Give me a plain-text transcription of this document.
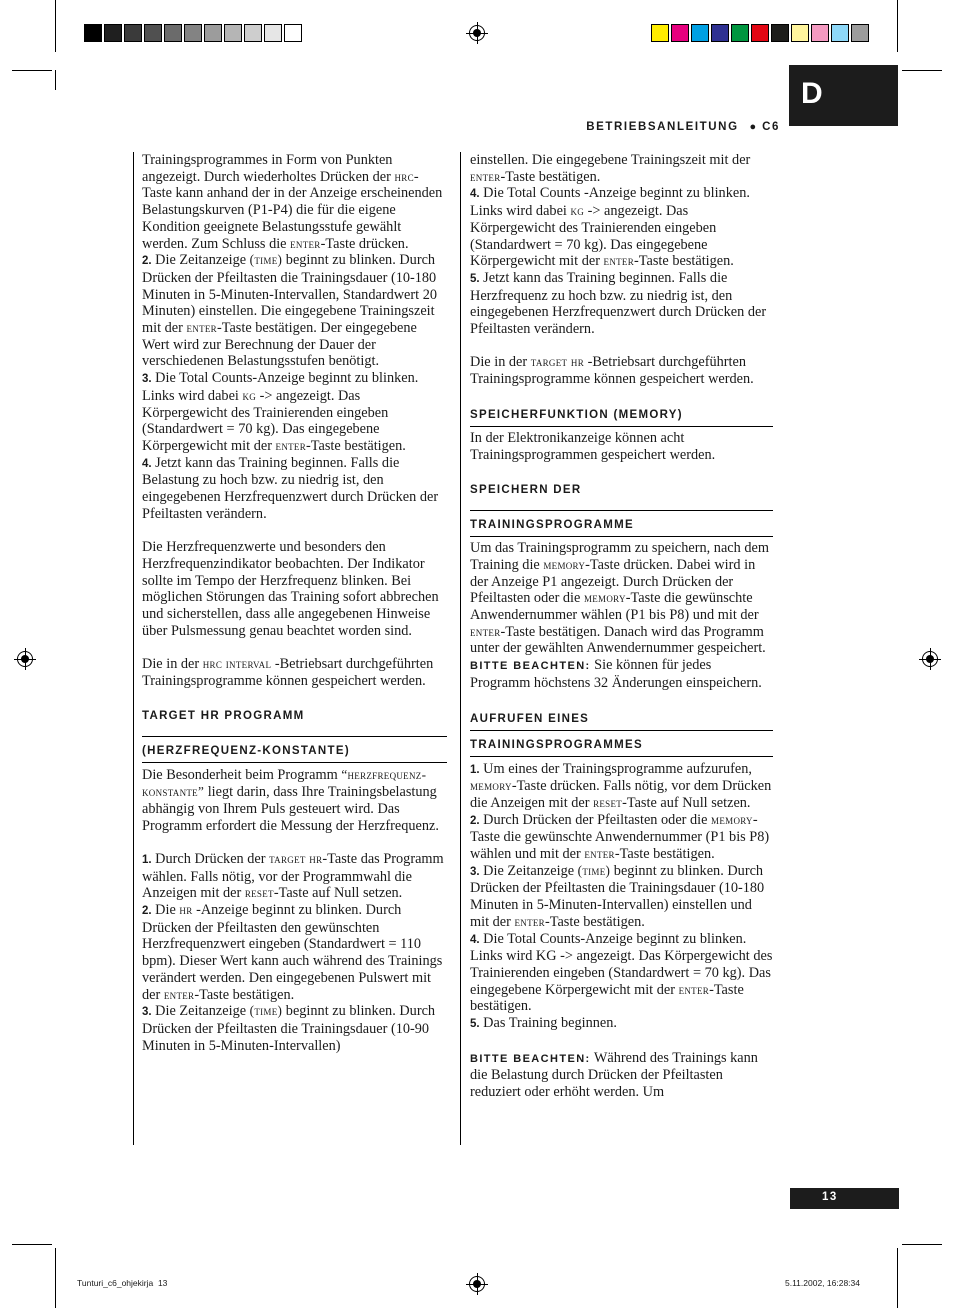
D
BETRIEBSANLEITUNG ● C6

Trainingsprogrammes in Form von Punkten angezeigt. Durch wiederholtes Drücken der hrc-Taste kann anhand der in der Anzeige erscheinenden Belastungskurven (P1-P4) die für die eigene Kondition geeignete Belastungsstufe gewählt werden. Zum Schluss die enter-Taste drücken.

2. Die Zeitanzeige (time) beginnt zu blinken. Durch Drücken der Pfeiltasten die Trainingsdauer (10-180 Minuten in 5-Minuten-Intervallen, Standardwert 20 Minuten) einstellen. Die eingegebene Trainingszeit mit der enter-Taste bestätigen. Der eingegebene Wert wird zur Berechnung der Dauer der verschiedenen Belastungsstufen benötigt.

3. Die Total Counts-Anzeige beginnt zu blinken. Links wird dabei kg -> angezeigt. Das Körpergewicht des Trainierenden eingeben (Standardwert = 70 kg). Das eingegebene Körpergewicht mit der enter-Taste bestätigen.

4. Jetzt kann das Training beginnen. Falls die Belastung zu hoch bzw. zu niedrig ist, den eingegebenen Herzfrequenzwert durch Drücken der Pfeiltasten verändern.

Die Herzfrequenzwerte und besonders den Herzfrequenzindikator beobachten. Der Indikator sollte im Tempo der Herzfrequenz blinken. Bei möglichen Störungen das Training sofort abbrechen und sicherstellen, dass alle angegebenen Hinweise über Pulsmessung genau beachtet worden sind.

Die in der hrc interval -Betriebsart durchgeführten Trainingsprogramme können gespeichert werden.

TARGET HR PROGRAMM

(HERZFREQUENZ-KONSTANTE)

Die Besonderheit beim Programm “herzfrequenz-konstante” liegt darin, dass Ihre Trainingsbelastung abhängig von Ihrem Puls gesteuert wird. Das Programm erfordert die Messung der Herzfrequenz.

1. Durch Drücken der target hr-Taste das Programm wählen. Falls nötig, vor der Programmwahl die Anzeigen mit der reset-Taste auf Null setzen.

2. Die hr -Anzeige beginnt zu blinken. Durch Drücken der Pfeiltasten den gewünschten Herzfrequenzwert eingeben (Standardwert = 110 bpm). Dieser Wert kann auch während des Trainings verändert werden. Den eingegebenen Pulswert mit der enter-Taste bestätigen.

3. Die Zeitanzeige (time) beginnt zu blinken. Durch Drücken der Pfeiltasten die Trainingsdauer (10-90 Minuten in 5-Minuten-Intervallen)

einstellen. Die eingegebene Trainingszeit mit der enter-Taste bestätigen.

4. Die Total Counts -Anzeige beginnt zu blinken. Links wird dabei kg -> angezeigt. Das Körpergewicht des Trainierenden eingeben (Standardwert = 70 kg). Das eingegebene Körpergewicht mit der enter-Taste bestätigen.

5. Jetzt kann das Training beginnen. Falls die Herzfrequenz zu hoch bzw. zu niedrig ist, den eingegebenen Herzfrequenzwert durch Drücken der Pfeiltasten verändern.

Die in der target hr -Betriebsart durchgeführten Trainingsprogramme können gespeichert werden.

SPEICHERFUNKTION (MEMORY)

In der Elektronikanzeige können acht Trainingsprogrammen gespeichert werden.

SPEICHERN DER

TRAININGSPROGRAMME

Um das Trainingsprogramm zu speichern, nach dem Training die memory-Taste drücken. Dabei wird in der Anzeige P1 angezeigt. Durch Drücken der Pfeiltasten oder die memory-Taste die gewünschte Anwendernummer wählen (P1 bis P8) und mit der enter-Taste bestätigen. Danach wird das Programm unter der gewählten Anwendernummer gespeichert. BITTE BEACHTEN: Sie können für jedes Programm höchstens 32 Änderungen einspeichern.

AUFRUFEN EINES

TRAININGSPROGRAMMES

1. Um eines der Trainingsprogramme aufzurufen, memory-Taste drücken. Falls nötig, vor dem Drücken die Anzeigen mit der reset-Taste auf Null setzen.

2. Durch Drücken der Pfeiltasten oder die memory-Taste die gewünschte Anwendernummer (P1 bis P8) wählen und mit der enter-Taste bestätigen.

3. Die Zeitanzeige (time) beginnt zu blinken. Durch Drücken der Pfeiltasten die Trainingsdauer (10-180 Minuten in 5-Minuten-Intervallen) einstellen und mit der enter-Taste bestätigen.

4. Die Total Counts-Anzeige beginnt zu blinken. Links wird KG -> angezeigt. Das Körpergewicht des Trainierenden eingeben (Standardwert = 70 kg). Das eingegebene Körpergewicht mit der enter-Taste bestätigen.

5. Das Training beginnen.

BITTE BEACHTEN: Während des Trainings kann die Belastung durch Drücken der Pfeiltasten reduziert oder erhöht werden. Um

13
Tunturi_c6_ohjekirja  13	5.11.2002, 16:28:34
